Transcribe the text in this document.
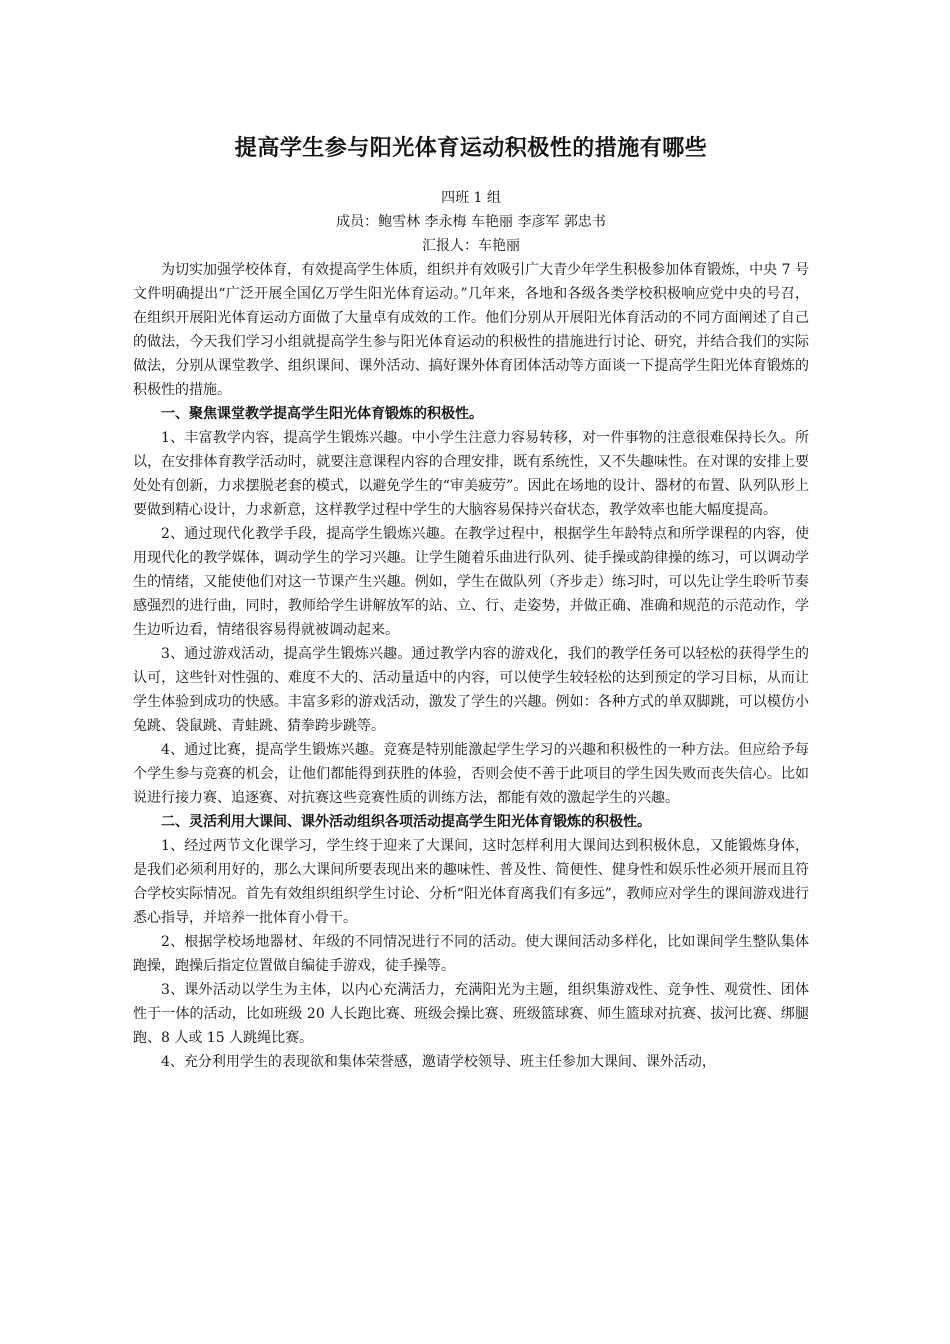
提高学生参与阳光体育运动积极性的措施有哪些
四班 1 组
成员：鲍雪林 李永梅 车艳丽 李彦军 郭忠书
汇报人：车艳丽

为切实加强学校体育，有效提高学生体质，组织并有效吸引广大青少年学生积极参加体育锻炼，中央 7 号文件明确提出“广泛开展全国亿万学生阳光体育运动。”几年来，各地和各级各类学校积极响应党中央的号召，在组织开展阳光体育运动方面做了大量卓有成效的工作。他们分别从开展阳光体育活动的不同方面阐述了自己的做法，今天我们学习小组就提高学生参与阳光体育运动的积极性的措施进行讨论、研究，并结合我们的实际做法，分别从课堂教学、组织课间、课外活动、搞好课外体育团体活动等方面谈一下提高学生阳光体育锻炼的积极性的措施。

一、聚焦课堂教学提高学生阳光体育锻炼的积极性。

1、丰富教学内容，提高学生锻炼兴趣。中小学生注意力容易转移，对一件事物的注意很难保持长久。所以，在安排体育教学活动时，就要注意课程内容的合理安排，既有系统性，又不失趣味性。在对课的安排上要处处有创新，力求摆脱老套的模式，以避免学生的“审美疲劳”。因此在场地的设计、器材的布置、队列队形上要做到精心设计，力求新意，这样教学过程中学生的大脑容易保持兴奋状态，教学效率也能大幅度提高。

2、通过现代化教学手段，提高学生锻炼兴趣。在教学过程中，根据学生年龄特点和所学课程的内容，使用现代化的教学媒体，调动学生的学习兴趣。让学生随着乐曲进行队列、徒手操或韵律操的练习，可以调动学生的情绪，又能使他们对这一节课产生兴趣。例如，学生在做队列（齐步走）练习时，可以先让学生聆听节奏感强烈的进行曲，同时，教师给学生讲解放军的站、立、行、走姿势，并做正确、准确和规范的示范动作，学生边听边看，情绪很容易得就被调动起来。

3、通过游戏活动，提高学生锻炼兴趣。通过教学内容的游戏化，我们的教学任务可以轻松的获得学生的认可，这些针对性强的、难度不大的、活动量适中的内容，可以使学生较轻松的达到预定的学习目标，从而让学生体验到成功的快感。丰富多彩的游戏活动，激发了学生的兴趣。例如：各种方式的单双脚跳，可以模仿小兔跳、袋鼠跳、青蛙跳、猜拳跨步跳等。

4、通过比赛，提高学生锻炼兴趣。竞赛是特别能激起学生学习的兴趣和积极性的一种方法。但应给予每个学生参与竞赛的机会，让他们都能得到获胜的体验，否则会使不善于此项目的学生因失败而丧失信心。比如说进行接力赛、追逐赛、对抗赛这些竞赛性质的训练方法，都能有效的激起学生的兴趣。

二、灵活利用大课间、课外活动组织各项活动提高学生阳光体育锻炼的积极性。

1、经过两节文化课学习，学生终于迎来了大课间，这时怎样利用大课间达到积极休息，又能锻炼身体，是我们必须利用好的，那么大课间所要表现出来的趣味性、普及性、简便性、健身性和娱乐性必须开展而且符合学校实际情况。首先有效组织组织学生讨论、分析“阳光体育离我们有多远”，教师应对学生的课间游戏进行悉心指导，并培养一批体育小骨干。

2、根据学校场地器材、年级的不同情况进行不同的活动。使大课间活动多样化，比如课间学生整队集体跑操，跑操后指定位置做自编徒手游戏，徒手操等。

3、课外活动以学生为主体，以内心充满活力，充满阳光为主题，组织集游戏性、竞争性、观赏性、团体性于一体的活动，比如班级 20 人长跑比赛、班级会操比赛、班级篮球赛、师生篮球对抗赛、拔河比赛、绑腿跑、8 人或 15 人跳绳比赛。

4、充分利用学生的表现欲和集体荣誉感，邀请学校领导、班主任参加大课间、课外活动，
